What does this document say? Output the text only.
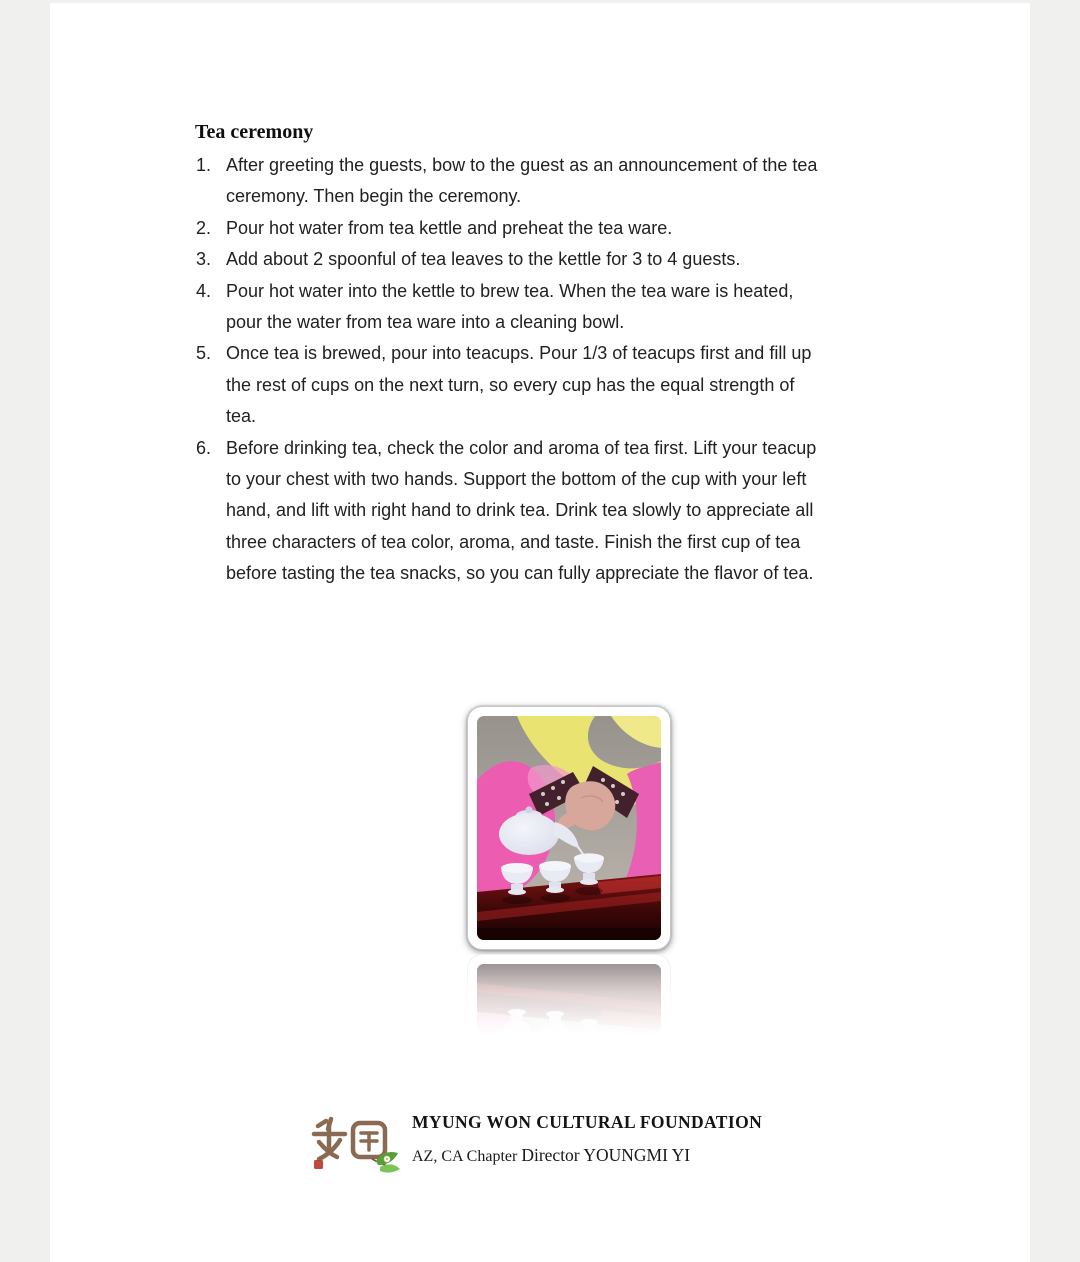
Tea ceremony
1. After greeting the guests, bow to the guest as an announcement of the tea
ceremony. Then begin the ceremony.
2. Pour hot water from tea kettle and preheat the tea ware.
3. Add about 2 spoonful of tea leaves to the kettle for 3 to 4 guests.
4. Pour hot water into the kettle to brew tea. When the tea ware is heated,
pour the water from tea ware into a cleaning bowl.
5. Once tea is brewed, pour into teacups. Pour 1/3 of teacups first and fill up
the rest of cups on the next turn, so every cup has the equal strength of
tea.
6. Before drinking tea, check the color and aroma of tea first. Lift your teacup
to your chest with two hands. Support the bottom of the cup with your left
hand, and lift with right hand to drink tea. Drink tea slowly to appreciate all
three characters of tea color, aroma, and taste. Finish the first cup of tea
before tasting the tea snacks, so you can fully appreciate the flavor of tea.
MYUNG WON CULTURAL FOUNDATION
AZ, CA Chapter Director YOUNGMI YI
